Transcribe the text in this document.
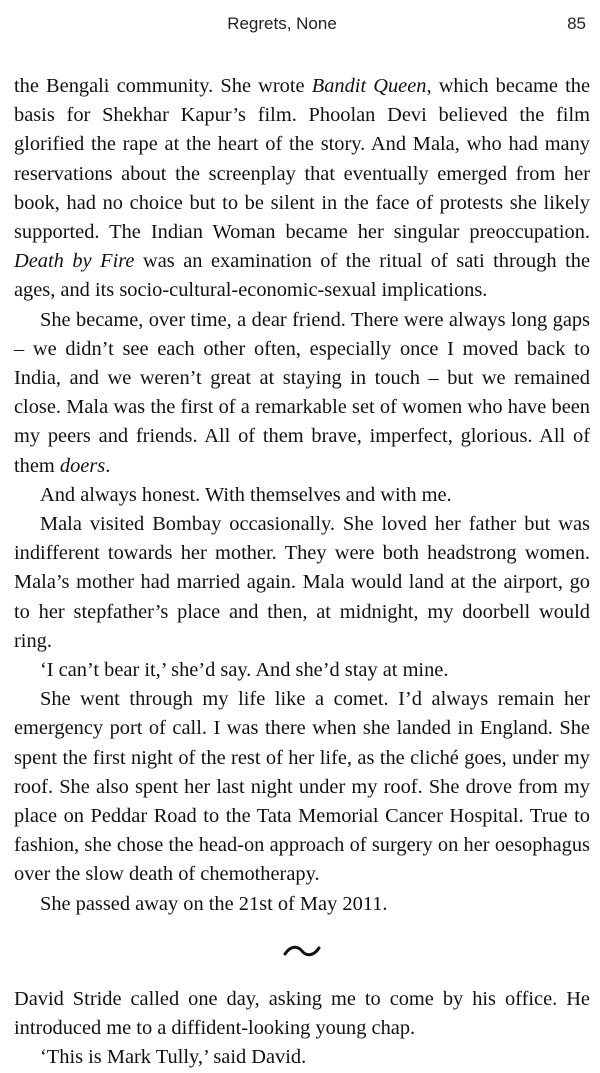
Regrets, None	85

the Bengali community. She wrote Bandit Queen, which became the basis for Shekhar Kapur’s film. Phoolan Devi believed the film glorified the rape at the heart of the story. And Mala, who had many reservations about the screenplay that eventually emerged from her book, had no choice but to be silent in the face of protests she likely supported. The Indian Woman became her singular preoccupation. Death by Fire was an examination of the ritual of sati through the ages, and its socio-cultural-economic-sexual implications.

She became, over time, a dear friend. There were always long gaps – we didn’t see each other often, especially once I moved back to India, and we weren’t great at staying in touch – but we remained close. Mala was the first of a remarkable set of women who have been my peers and friends. All of them brave, imperfect, glorious. All of them doers.

And always honest. With themselves and with me.

Mala visited Bombay occasionally. She loved her father but was indifferent towards her mother. They were both headstrong women. Mala’s mother had married again. Mala would land at the airport, go to her stepfather’s place and then, at midnight, my doorbell would ring.

‘I can’t bear it,’ she’d say. And she’d stay at mine.

She went through my life like a comet. I’d always remain her emergency port of call. I was there when she landed in England. She spent the first night of the rest of her life, as the cliché goes, under my roof. She also spent her last night under my roof. She drove from my place on Peddar Road to the Tata Memorial Cancer Hospital. True to fashion, she chose the head-on approach of surgery on her oesophagus over the slow death of chemotherapy.

She passed away on the 21st of May 2011.

David Stride called one day, asking me to come by his office. He introduced me to a diffident-looking young chap.

‘This is Mark Tully,’ said David.
